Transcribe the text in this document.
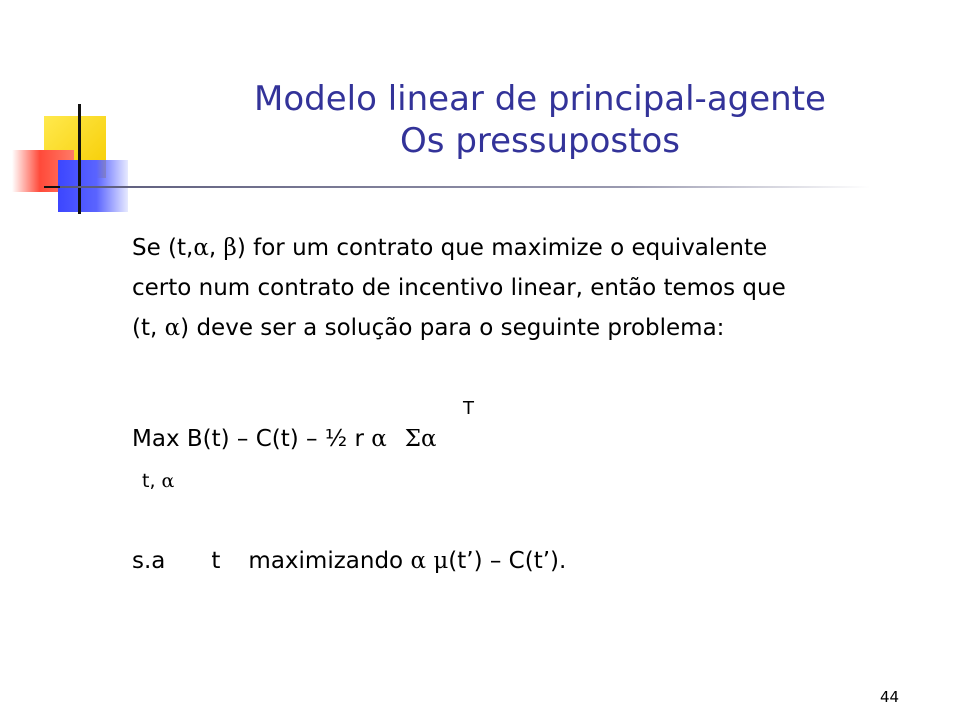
Modelo linear de principal-agente
Os pressupostos
Se (t,α, β) for um contrato que maximize o equivalente
certo num contrato de incentivo linear, então temos que
(t, α) deve ser a solução para o seguinte problema:
T
Max B(t) – C(t) – ½ r α Σα
t, α
s.a t maximizando α μ(t’) – C(t’).
44
